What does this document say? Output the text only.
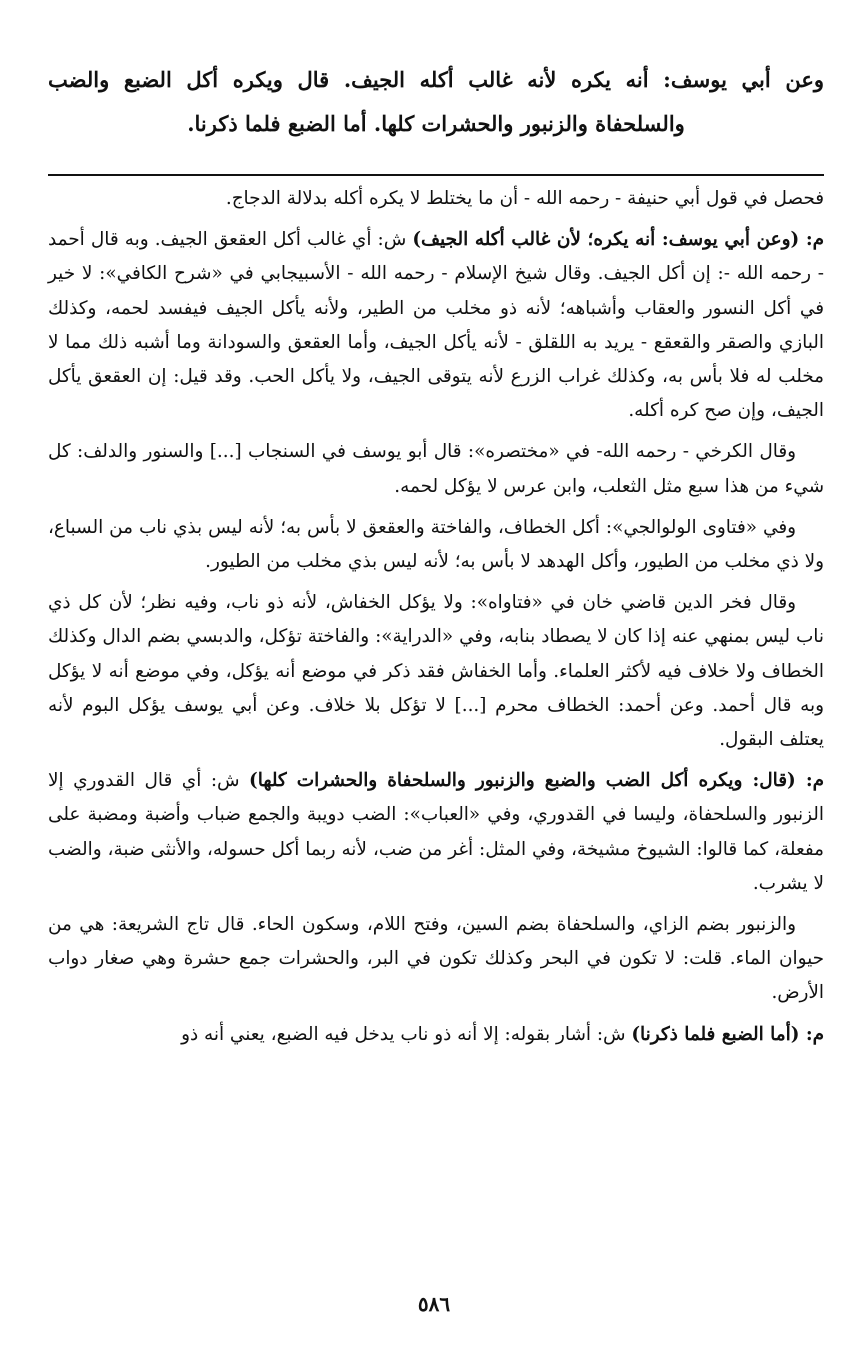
وعن أبي يوسف: أنه يكره لأنه غالب أكله الجيف. قال ويكره أكل الضبع والضب والسلحفاة والزنبور والحشرات كلها. أما الضبع فلما ذكرنا.

فحصل في قول أبي حنيفة - رحمه الله - أن ما يختلط لا يكره أكله بدلالة الدجاج.

م: (وعن أبي يوسف: أنه يكره؛ لأن غالب أكله الجيف) ش: أي غالب أكل العقعق الجيف. وبه قال أحمد - رحمه الله -: إن أكل الجيف. وقال شيخ الإسلام - رحمه الله - الأسبيجابي في «شرح الكافي»: لا خير في أكل النسور والعقاب وأشباهه؛ لأنه ذو مخلب من الطير، ولأنه يأكل الجيف فيفسد لحمه، وكذلك البازي والصقر والقعقع - يريد به اللقلق - لأنه يأكل الجيف، وأما العقعق والسودانة وما أشبه ذلك مما لا مخلب له فلا بأس به، وكذلك غراب الزرع لأنه يتوقى الجيف، ولا يأكل الحب. وقد قيل: إن العقعق يأكل الجيف، وإن صح كره أكله.

وقال الكرخي - رحمه الله- في «مختصره»: قال أبو يوسف في السنجاب [...] والسنور والدلف: كل شيء من هذا سبع مثل الثعلب، وابن عرس لا يؤكل لحمه.

وفي «فتاوى الولوالجي»: أكل الخطاف، والفاختة والعقعق لا بأس به؛ لأنه ليس بذي ناب من السباع، ولا ذي مخلب من الطيور، وأكل الهدهد لا بأس به؛ لأنه ليس بذي مخلب من الطيور.

وقال فخر الدين قاضي خان في «فتاواه»: ولا يؤكل الخفاش، لأنه ذو ناب، وفيه نظر؛ لأن كل ذي ناب ليس بمنهي عنه إذا كان لا يصطاد بنابه، وفي «الدراية»: والفاختة تؤكل، والدبسي بضم الدال وكذلك الخطاف ولا خلاف فيه لأكثر العلماء. وأما الخفاش فقد ذكر في موضع أنه يؤكل، وفي موضع أنه لا يؤكل وبه قال أحمد. وعن أحمد: الخطاف محرم [...] لا تؤكل بلا خلاف. وعن أبي يوسف يؤكل البوم لأنه يعتلف البقول.

م: (قال: ويكره أكل الضب والضبع والزنبور والسلحفاة والحشرات كلها) ش: أي قال القدوري إلا الزنبور والسلحفاة، وليسا في القدوري، وفي «العباب»: الضب دويبة والجمع ضباب وأضبة ومضبة على مفعلة، كما قالوا: الشيوخ مشيخة، وفي المثل: أغر من ضب، لأنه ربما أكل حسوله، والأنثى ضبة، والضب لا يشرب.

والزنبور بضم الزاي، والسلحفاة بضم السين، وفتح اللام، وسكون الحاء. قال تاج الشريعة: هي من حيوان الماء. قلت: لا تكون في البحر وكذلك تكون في البر، والحشرات جمع حشرة وهي صغار دواب الأرض.

م: (أما الضبع فلما ذكرنا) ش: أشار بقوله: إلا أنه ذو ناب يدخل فيه الضبع، يعني أنه ذو

٥٨٦
